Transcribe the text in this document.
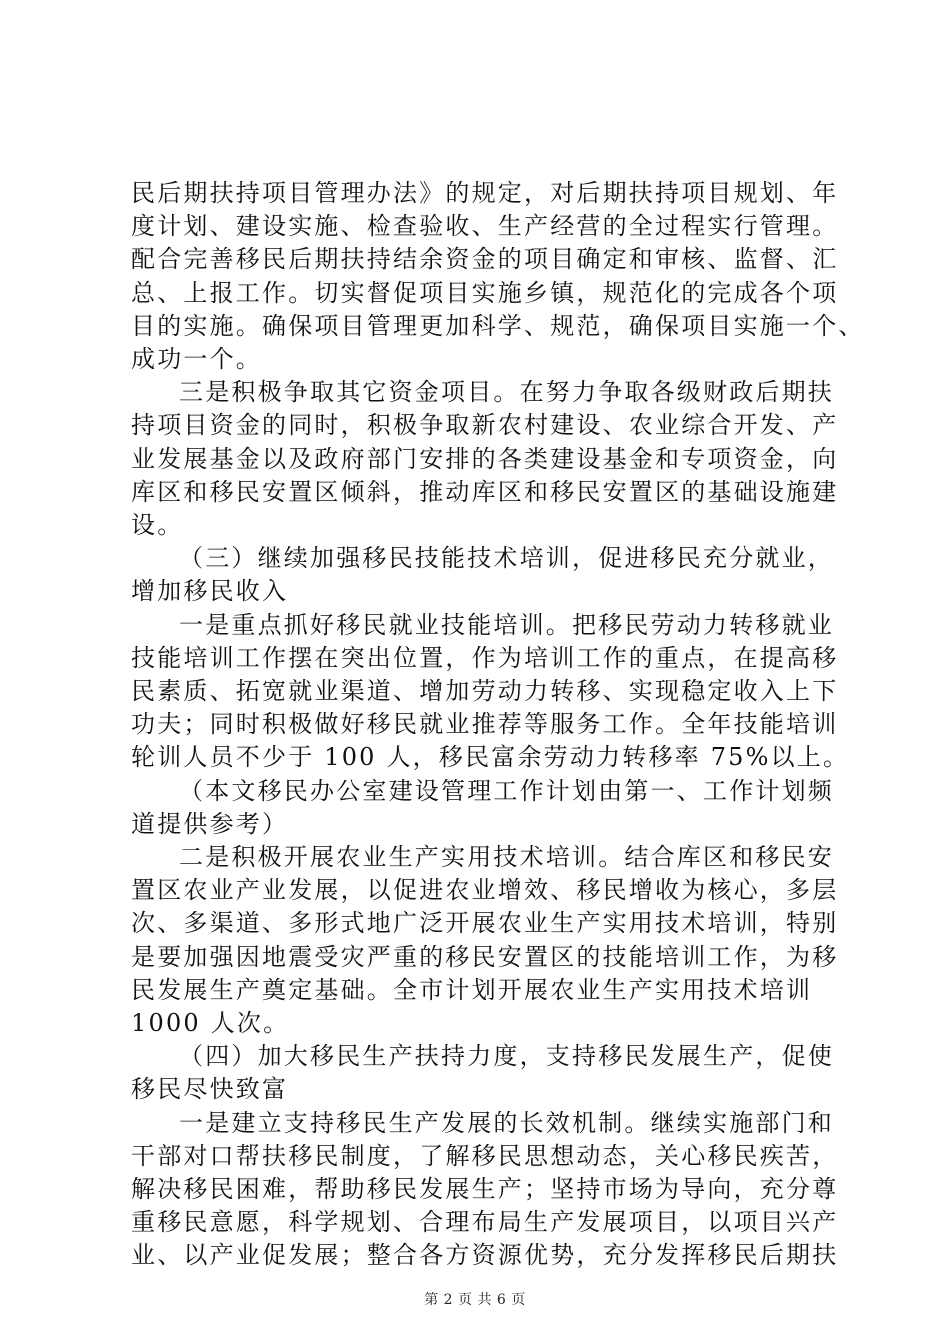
民后期扶持项目管理办法》的规定，对后期扶持项目规划、年
度计划、建设实施、检查验收、生产经营的全过程实行管理。
配合完善移民后期扶持结余资金的项目确定和审核、监督、汇
总、上报工作。切实督促项目实施乡镇，规范化的完成各个项
目的实施。确保项目管理更加科学、规范，确保项目实施一个、
成功一个。
三是积极争取其它资金项目。在努力争取各级财政后期扶
持项目资金的同时，积极争取新农村建设、农业综合开发、产
业发展基金以及政府部门安排的各类建设基金和专项资金，向
库区和移民安置区倾斜，推动库区和移民安置区的基础设施建
设。
（三）继续加强移民技能技术培训，促进移民充分就业，
增加移民收入
一是重点抓好移民就业技能培训。把移民劳动力转移就业
技能培训工作摆在突出位置，作为培训工作的重点，在提高移
民素质、拓宽就业渠道、增加劳动力转移、实现稳定收入上下
功夫；同时积极做好移民就业推荐等服务工作。全年技能培训
轮训人员不少于 100 人，移民富余劳动力转移率 75%以上。
（本文移民办公室建设管理工作计划由第一、工作计划频
道提供参考）
二是积极开展农业生产实用技术培训。结合库区和移民安
置区农业产业发展，以促进农业增效、移民增收为核心，多层
次、多渠道、多形式地广泛开展农业生产实用技术培训，特别
是要加强因地震受灾严重的移民安置区的技能培训工作，为移
民发展生产奠定基础。全市计划开展农业生产实用技术培训
1000 人次。
（四）加大移民生产扶持力度，支持移民发展生产，促使
移民尽快致富
一是建立支持移民生产发展的长效机制。继续实施部门和
干部对口帮扶移民制度，了解移民思想动态，关心移民疾苦，
解决移民困难，帮助移民发展生产；坚持市场为导向，充分尊
重移民意愿，科学规划、合理布局生产发展项目，以项目兴产
业、以产业促发展；整合各方资源优势，充分发挥移民后期扶
第 2 页 共 6 页
